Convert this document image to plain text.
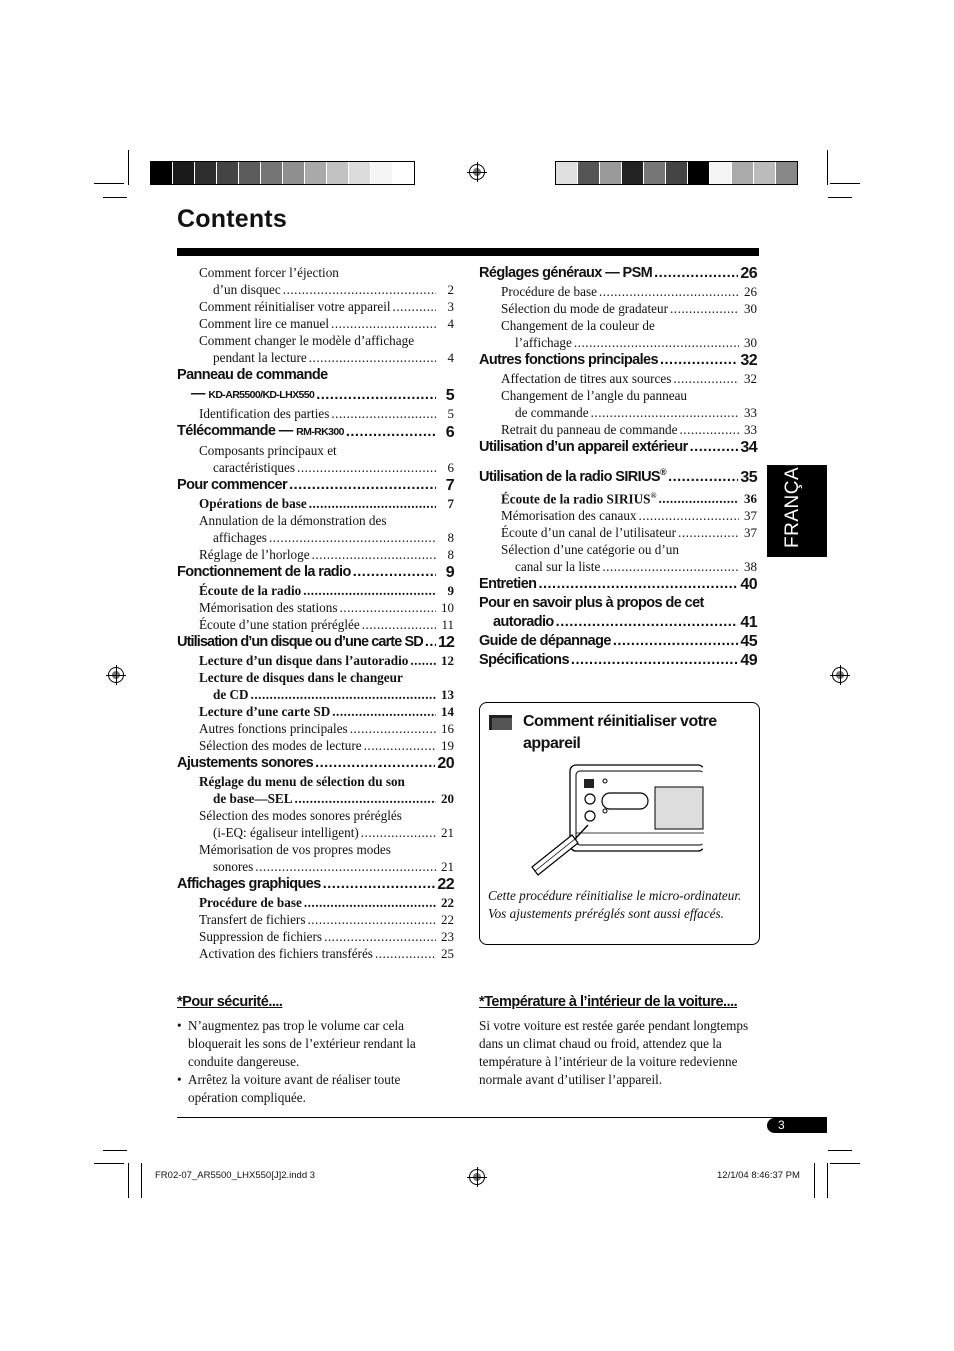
Contents
Comment forcer l’éjection
d’un disquec .....	2
Comment réinitialiser votre appareil .....	3
Comment lire ce manuel .....	4
Comment changer le modèle d’affichage
pendant la lecture .....	4
Panneau de commande
— KD-AR5500/KD-LHX550 .....	5
Identification des parties .....	5
Télécommande — RM-RK300 .....	6
Composants principaux et
caractéristiques .....	6
Pour commencer .....	7
Opérations de base .....	7
Annulation de la démonstration des
affichages .....	8
Réglage de l’horloge .....	8
Fonctionnement de la radio .....	9
Écoute de la radio .....	9
Mémorisation des stations .....	10
Écoute d’une station préréglée .....	11
Utilisation d’un disque ou d’une carte SD ..... 12
Lecture d’un disque dans l’autoradio .....	12
Lecture de disques dans le changeur
de CD .....	13
Lecture d’une carte SD .....	14
Autres fonctions principales .....	16
Sélection des modes de lecture .....	19
Ajustements sonores .....	20
Réglage du menu de sélection du son
de base—SEL .....	20
Sélection des modes sonores préréglés
(i-EQ: égaliseur intelligent) .....	21
Mémorisation de vos propres modes
sonores .....	21
Affichages graphiques .....	22
Procédure de base .....	22
Transfert de fichiers .....	22
Suppression de fichiers .....	23
Activation des fichiers transférés .....	25
Réglages généraux — PSM .....	26
Procédure de base .....	26
Sélection du mode de gradateur .....	30
Changement de la couleur de
l’affichage .....	30
Autres fonctions principales .....	32
Affectation de titres aux sources .....	32
Changement de l’angle du panneau
de commande .....	33
Retrait du panneau de commande .....	33
Utilisation d’un appareil extérieur .....	34
Utilisation de la radio SIRIUS® .....	35
Écoute de la radio SIRIUS® .....	36
Mémorisation des canaux .....	37
Écoute d’un canal de l’utilisateur .....	37
Sélection d’une catégorie ou d’un
canal sur la liste .....	38
Entretien .....	40
Pour en savoir plus à propos de cet
autoradio .....	41
Guide de dépannage .....	45
Spécifications .....	49
FRANÇAIS
Comment réinitialiser votre appareil
Cette procédure réinitialise le micro-ordinateur. Vos ajustements préréglés sont aussi effacés.
*Pour sécurité....
• N’augmentez pas trop le volume car cela bloquerait les sons de l’extérieur rendant la conduite dangereuse.
• Arrêtez la voiture avant de réaliser toute opération compliquée.
*Température à l’intérieur de la voiture....
Si votre voiture est restée garée pendant longtemps dans un climat chaud ou froid, attendez que la température à l’intérieur de la voiture redevienne normale avant d’utiliser l’appareil.
3
FR02-07_AR5500_LHX550[J]2.indd 3	12/1/04 8:46:37 PM
